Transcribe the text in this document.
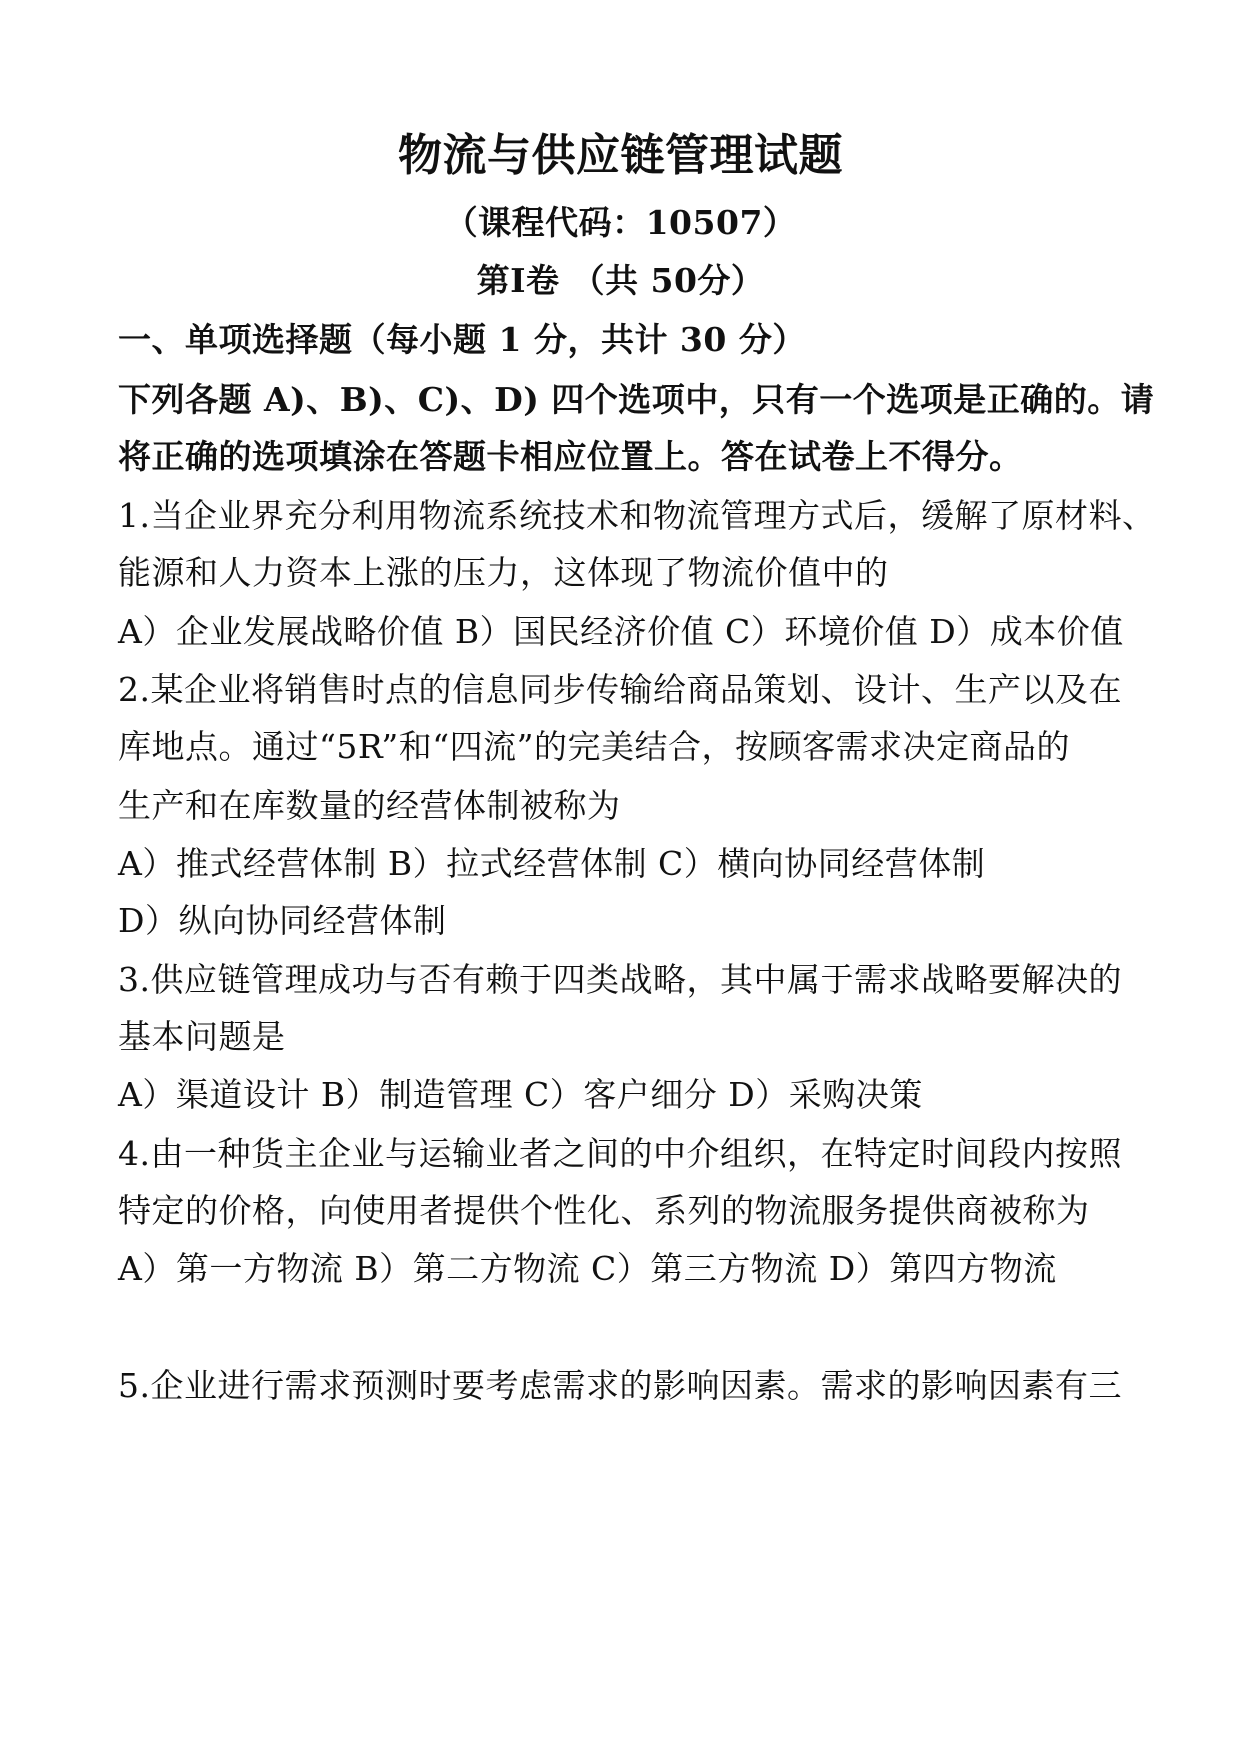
物流与供应链管理试题
（课程代码：10507）
第Ⅰ卷 （共 50分）
一、单项选择题（每小题 1 分，共计 30 分）
下列各题 A)、B)、C)、D) 四个选项中，只有一个选项是正确的。请
将正确的选项填涂在答题卡相应位置上。答在试卷上不得分。
1.当企业界充分利用物流系统技术和物流管理方式后，缓解了原材料、
能源和人力资本上涨的压力，这体现了物流价值中的
A）企业发展战略价值 B）国民经济价值 C）环境价值 D）成本价值
2.某企业将销售时点的信息同步传输给商品策划、设计、生产以及在
库地点。通过“5R”和“四流”的完美结合，按顾客需求决定商品的
生产和在库数量的经营体制被称为
A）推式经营体制 B）拉式经营体制 C）横向协同经营体制
D）纵向协同经营体制
3.供应链管理成功与否有赖于四类战略，其中属于需求战略要解决的
基本问题是
A）渠道设计 B）制造管理 C）客户细分 D）采购决策
4.由一种货主企业与运输业者之间的中介组织，在特定时间段内按照
特定的价格，向使用者提供个性化、系列的物流服务提供商被称为
A）第一方物流 B）第二方物流 C）第三方物流 D）第四方物流
5.企业进行需求预测时要考虑需求的影响因素。需求的影响因素有三
